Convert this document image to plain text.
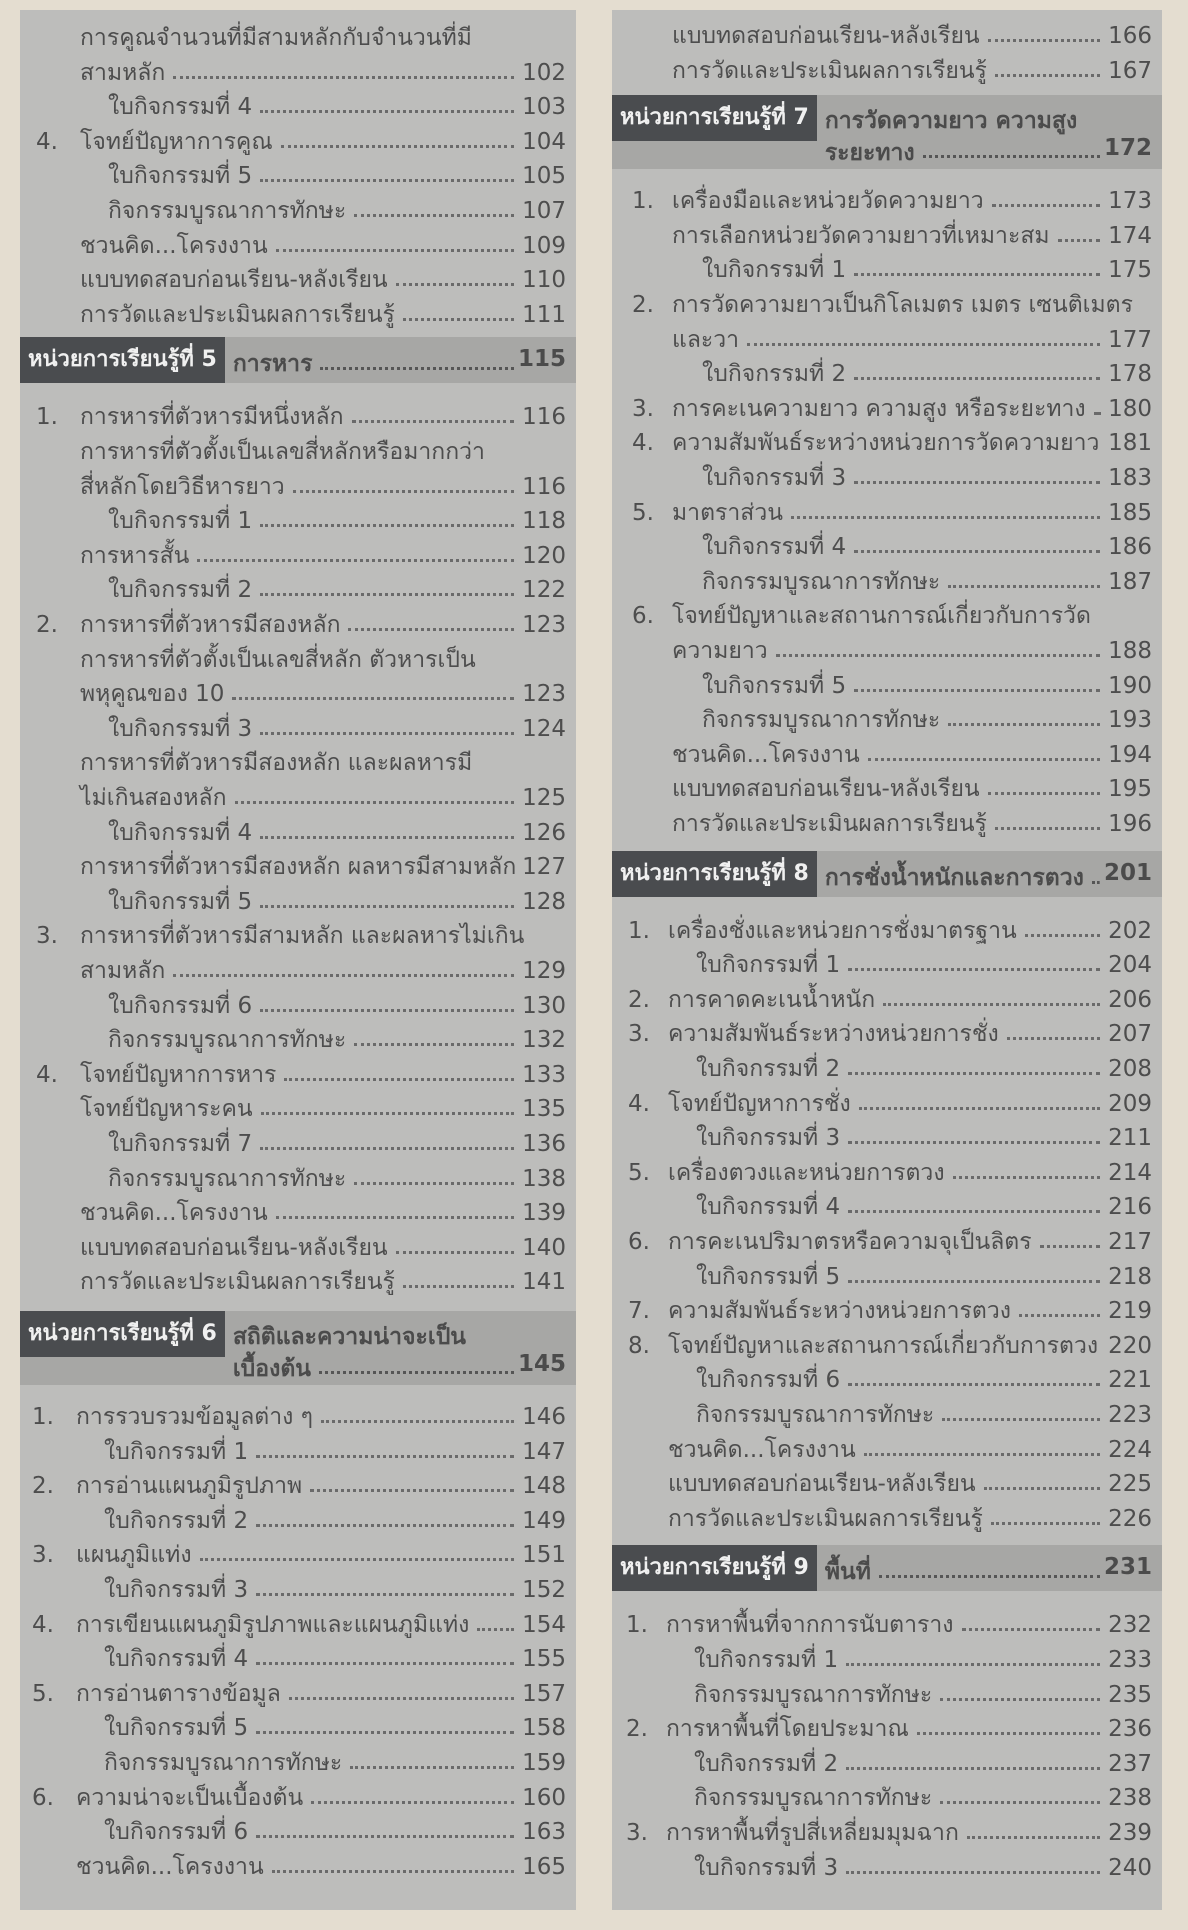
การคูณจำนวนที่มีสามหลักกับจำนวนที่มี
สามหลัก	102
ใบกิจกรรมที่ 4	103
4. โจทย์ปัญหาการคูณ	104
ใบกิจกรรมที่ 5	105
กิจกรรมบูรณาการทักษะ	107
ชวนคิด...โครงงาน	109
แบบทดสอบก่อนเรียน-หลังเรียน	110
การวัดและประเมินผลการเรียนรู้	111
หน่วยการเรียนรู้ที่ 5 การหาร	115
1. การหารที่ตัวหารมีหนึ่งหลัก	116
การหารที่ตัวตั้งเป็นเลขสี่หลักหรือมากกว่า
สี่หลักโดยวิธีหารยาว	116
ใบกิจกรรมที่ 1	118
การหารสั้น	120
ใบกิจกรรมที่ 2	122
2. การหารที่ตัวหารมีสองหลัก	123
การหารที่ตัวตั้งเป็นเลขสี่หลัก ตัวหารเป็น
พหุคูณของ 10	123
ใบกิจกรรมที่ 3	124
การหารที่ตัวหารมีสองหลัก และผลหารมี
ไม่เกินสองหลัก	125
ใบกิจกรรมที่ 4	126
การหารที่ตัวหารมีสองหลัก ผลหารมีสามหลัก 127
ใบกิจกรรมที่ 5	128
3. การหารที่ตัวหารมีสามหลัก และผลหารไม่เกิน
สามหลัก	129
ใบกิจกรรมที่ 6	130
กิจกรรมบูรณาการทักษะ	132
4. โจทย์ปัญหาการหาร	133
โจทย์ปัญหาระคน	135
ใบกิจกรรมที่ 7	136
กิจกรรมบูรณาการทักษะ	138
ชวนคิด...โครงงาน	139
แบบทดสอบก่อนเรียน-หลังเรียน	140
การวัดและประเมินผลการเรียนรู้	141
หน่วยการเรียนรู้ที่ 6 สถิติและความน่าจะเป็น
เบื้องต้น	145
1. การรวบรวมข้อมูลต่าง ๆ	146
ใบกิจกรรมที่ 1	147
2. การอ่านแผนภูมิรูปภาพ	148
ใบกิจกรรมที่ 2	149
3. แผนภูมิแท่ง	151
ใบกิจกรรมที่ 3	152
4. การเขียนแผนภูมิรูปภาพและแผนภูมิแท่ง 154
ใบกิจกรรมที่ 4	155
5. การอ่านตารางข้อมูล	157
ใบกิจกรรมที่ 5	158
กิจกรรมบูรณาการทักษะ	159
6. ความน่าจะเป็นเบื้องต้น	160
ใบกิจกรรมที่ 6	163
ชวนคิด...โครงงาน	165
แบบทดสอบก่อนเรียน-หลังเรียน	166
การวัดและประเมินผลการเรียนรู้	167
หน่วยการเรียนรู้ที่ 7 การวัดความยาว ความสูง
ระยะทาง	172
1. เครื่องมือและหน่วยวัดความยาว	173
การเลือกหน่วยวัดความยาวที่เหมาะสม	174
ใบกิจกรรมที่ 1	175
2. การวัดความยาวเป็นกิโลเมตร เมตร เซนติเมตร
และวา	177
ใบกิจกรรมที่ 2	178
3. การคะเนความยาว ความสูง หรือระยะทาง 180
4. ความสัมพันธ์ระหว่างหน่วยการวัดความยาว 181
ใบกิจกรรมที่ 3	183
5. มาตราส่วน	185
ใบกิจกรรมที่ 4	186
กิจกรรมบูรณาการทักษะ	187
6. โจทย์ปัญหาและสถานการณ์เกี่ยวกับการวัด
ความยาว	188
ใบกิจกรรมที่ 5	190
กิจกรรมบูรณาการทักษะ	193
ชวนคิด...โครงงาน	194
แบบทดสอบก่อนเรียน-หลังเรียน	195
การวัดและประเมินผลการเรียนรู้	196
หน่วยการเรียนรู้ที่ 8 การชั่งน้ำหนักและการตวง 201
1. เครื่องชั่งและหน่วยการชั่งมาตรฐาน	202
ใบกิจกรรมที่ 1	204
2. การคาดคะเนน้ำหนัก	206
3. ความสัมพันธ์ระหว่างหน่วยการชั่ง	207
ใบกิจกรรมที่ 2	208
4. โจทย์ปัญหาการชั่ง	209
ใบกิจกรรมที่ 3	211
5. เครื่องตวงและหน่วยการตวง	214
ใบกิจกรรมที่ 4	216
6. การคะเนปริมาตรหรือความจุเป็นลิตร	217
ใบกิจกรรมที่ 5	218
7. ความสัมพันธ์ระหว่างหน่วยการตวง	219
8. โจทย์ปัญหาและสถานการณ์เกี่ยวกับการตวง 220
ใบกิจกรรมที่ 6	221
กิจกรรมบูรณาการทักษะ	223
ชวนคิด...โครงงาน	224
แบบทดสอบก่อนเรียน-หลังเรียน	225
การวัดและประเมินผลการเรียนรู้	226
หน่วยการเรียนรู้ที่ 9 พื้นที่	231
1. การหาพื้นที่จากการนับตาราง	232
ใบกิจกรรมที่ 1	233
กิจกรรมบูรณาการทักษะ	235
2. การหาพื้นที่โดยประมาณ	236
ใบกิจกรรมที่ 2	237
กิจกรรมบูรณาการทักษะ	238
3. การหาพื้นที่รูปสี่เหลี่ยมมุมฉาก	239
ใบกิจกรรมที่ 3	240
